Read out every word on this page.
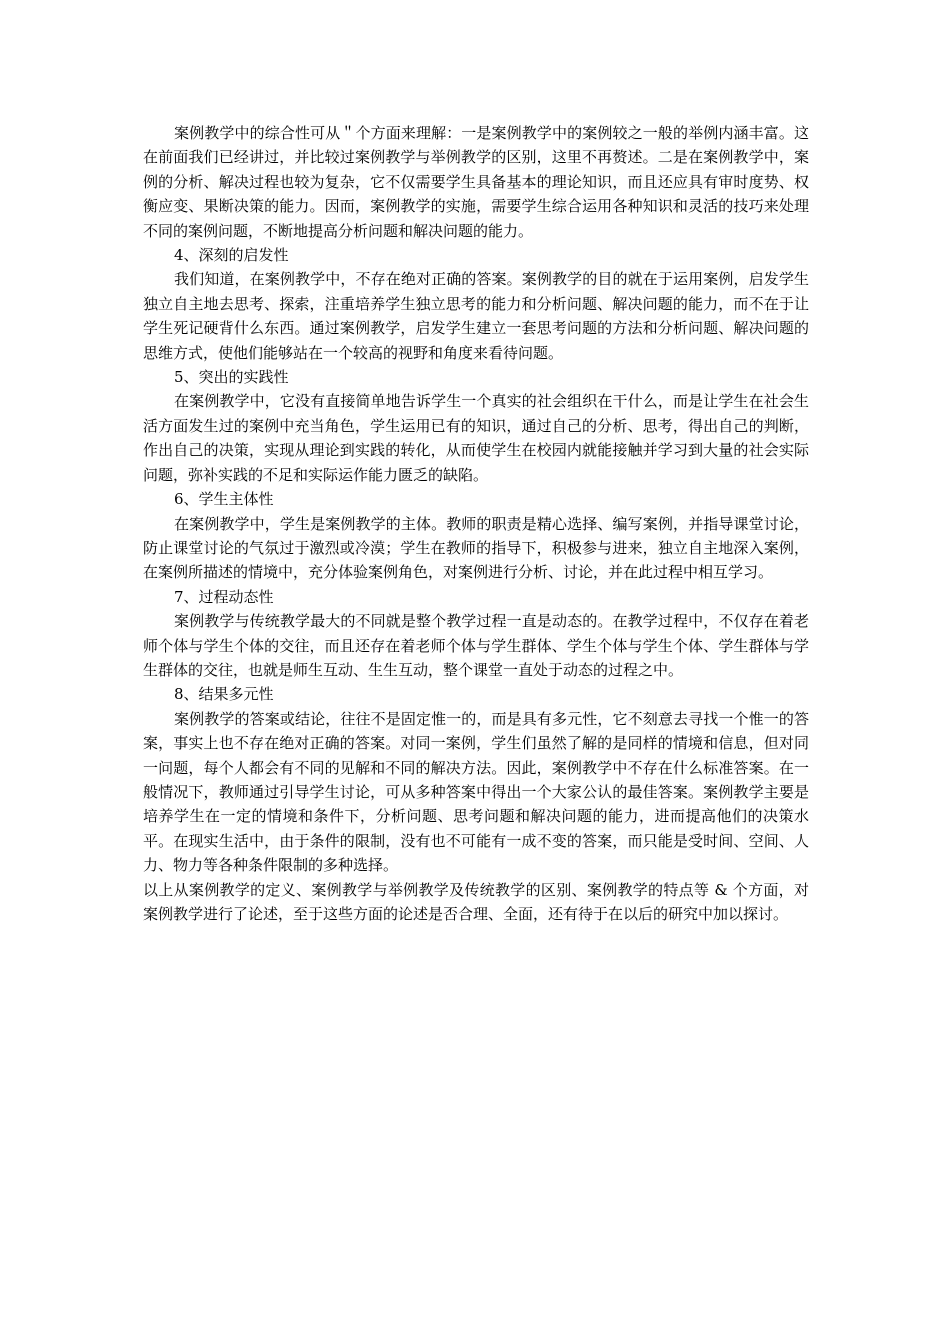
案例教学中的综合性可从＂个方面来理解：一是案例教学中的案例较之一般的举例内涵丰富。这在前面我们已经讲过，并比较过案例教学与举例教学的区别，这里不再赘述。二是在案例教学中，案例的分析、解决过程也较为复杂，它不仅需要学生具备基本的理论知识，而且还应具有审时度势、权衡应变、果断决策的能力。因而，案例教学的实施，需要学生综合运用各种知识和灵活的技巧来处理不同的案例问题，不断地提高分析问题和解决问题的能力。

4、深刻的启发性

我们知道，在案例教学中，不存在绝对正确的答案。案例教学的目的就在于运用案例，启发学生独立自主地去思考、探索，注重培养学生独立思考的能力和分析问题、解决问题的能力，而不在于让学生死记硬背什么东西。通过案例教学，启发学生建立一套思考问题的方法和分析问题、解决问题的思维方式，使他们能够站在一个较高的视野和角度来看待问题。

5、突出的实践性

在案例教学中，它没有直接简单地告诉学生一个真实的社会组织在干什么，而是让学生在社会生活方面发生过的案例中充当角色，学生运用已有的知识，通过自己的分析、思考，得出自己的判断，作出自己的决策，实现从理论到实践的转化，从而使学生在校园内就能接触并学习到大量的社会实际问题，弥补实践的不足和实际运作能力匮乏的缺陷。

6、学生主体性

在案例教学中，学生是案例教学的主体。教师的职责是精心选择、编写案例，并指导课堂讨论，防止课堂讨论的气氛过于激烈或冷漠；学生在教师的指导下，积极参与进来，独立自主地深入案例，在案例所描述的情境中，充分体验案例角色，对案例进行分析、讨论，并在此过程中相互学习。

7、过程动态性

案例教学与传统教学最大的不同就是整个教学过程一直是动态的。在教学过程中，不仅存在着老师个体与学生个体的交往，而且还存在着老师个体与学生群体、学生个体与学生个体、学生群体与学生群体的交往，也就是师生互动、生生互动，整个课堂一直处于动态的过程之中。

8、结果多元性

案例教学的答案或结论，往往不是固定惟一的，而是具有多元性，它不刻意去寻找一个惟一的答案，事实上也不存在绝对正确的答案。对同一案例，学生们虽然了解的是同样的情境和信息，但对同一问题，每个人都会有不同的见解和不同的解决方法。因此，案例教学中不存在什么标准答案。在一般情况下，教师通过引导学生讨论，可从多种答案中得出一个大家公认的最佳答案。案例教学主要是培养学生在一定的情境和条件下，分析问题、思考问题和解决问题的能力，进而提高他们的决策水平。在现实生活中，由于条件的限制，没有也不可能有一成不变的答案，而只能是受时间、空间、人力、物力等各种条件限制的多种选择。

以上从案例教学的定义、案例教学与举例教学及传统教学的区别、案例教学的特点等 & 个方面，对案例教学进行了论述，至于这些方面的论述是否合理、全面，还有待于在以后的研究中加以探讨。
